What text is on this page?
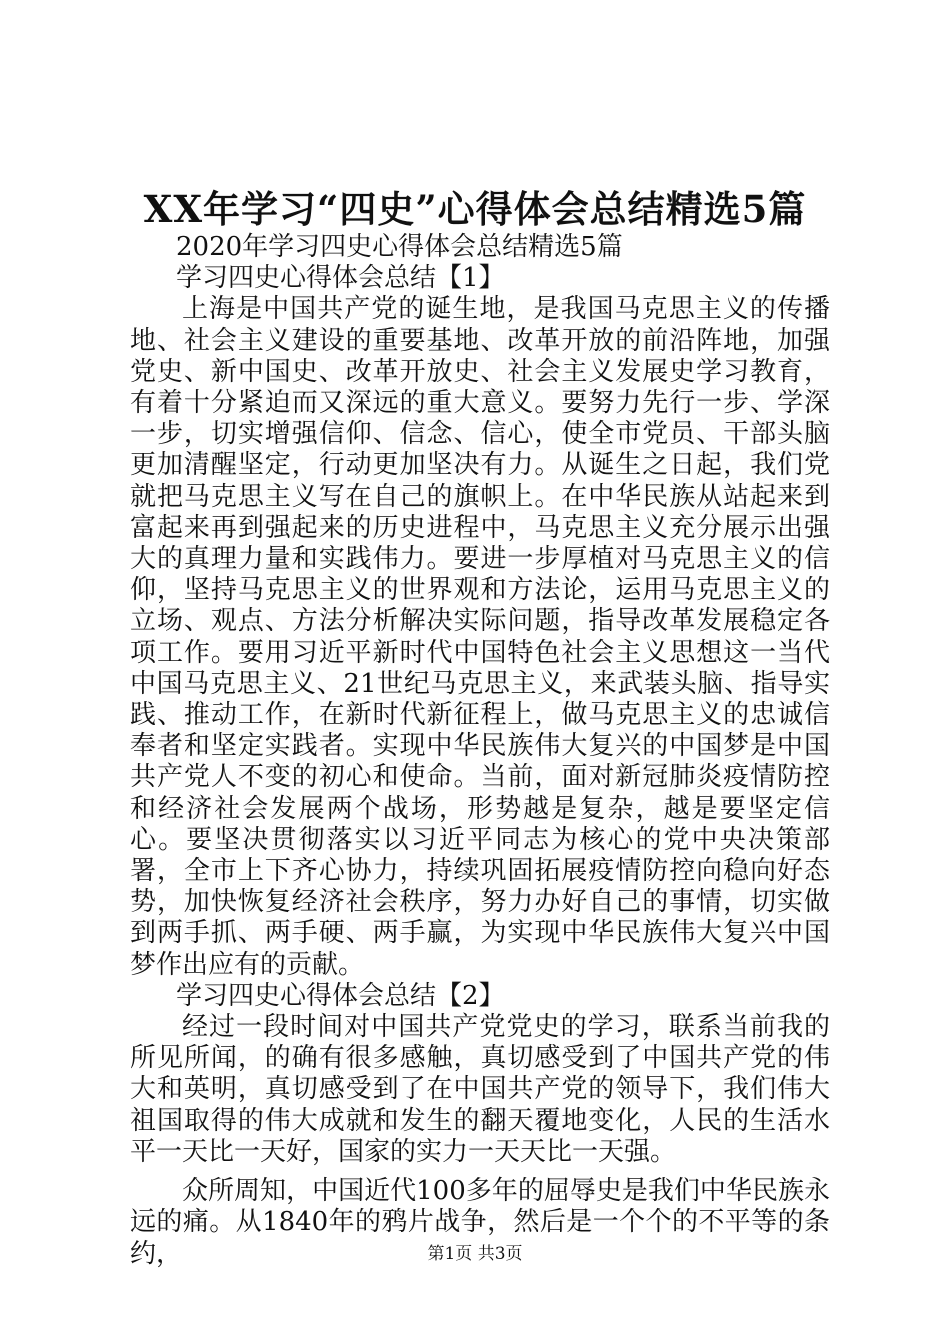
XX年学习“四史”心得体会总结精选5篇

2020年学习四史心得体会总结精选5篇

学习四史心得体会总结【1】

上海是中国共产党的诞生地，是我国马克思主义的传播地、社会主义建设的重要基地、改革开放的前沿阵地，加强党史、新中国史、改革开放史、社会主义发展史学习教育，有着十分紧迫而又深远的重大意义。要努力先行一步、学深一步，切实增强信仰、信念、信心，使全市党员、干部头脑更加清醒坚定，行动更加坚决有力。从诞生之日起，我们党就把马克思主义写在自己的旗帜上。在中华民族从站起来到富起来再到强起来的历史进程中，马克思主义充分展示出强大的真理力量和实践伟力。要进一步厚植对马克思主义的信仰，坚持马克思主义的世界观和方法论，运用马克思主义的立场、观点、方法分析解决实际问题，指导改革发展稳定各项工作。要用习近平新时代中国特色社会主义思想这一当代中国马克思主义、21世纪马克思主义，来武装头脑、指导实践、推动工作，在新时代新征程上，做马克思主义的忠诚信奉者和坚定实践者。实现中华民族伟大复兴的中国梦是中国共产党人不变的初心和使命。当前，面对新冠肺炎疫情防控和经济社会发展两个战场，形势越是复杂，越是要坚定信心。要坚决贯彻落实以习近平同志为核心的党中央决策部署，全市上下齐心协力，持续巩固拓展疫情防控向稳向好态势，加快恢复经济社会秩序，努力办好自己的事情，切实做到两手抓、两手硬、两手赢，为实现中华民族伟大复兴中国梦作出应有的贡献。

学习四史心得体会总结【2】

经过一段时间对中国共产党党史的学习，联系当前我的所见所闻，的确有很多感触，真切感受到了中国共产党的伟大和英明，真切感受到了在中国共产党的领导下，我们伟大祖国取得的伟大成就和发生的翻天覆地变化，人民的生活水平一天比一天好，国家的实力一天天比一天强。

众所周知，中国近代100多年的屈辱史是我们中华民族永远的痛。从1840年的鸦片战争，然后是一个个的不平等的条约，	第1页 共3页
